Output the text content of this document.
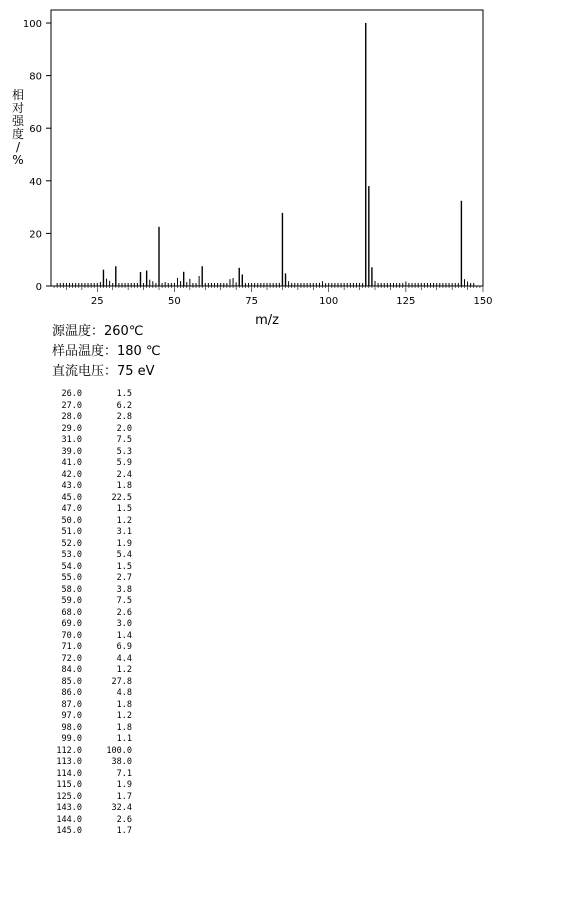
0
20
40
60
80
100
25	50	75	100	125	150
m/z
相对强度/ %
源温度：260℃
样品温度：180 ℃
直流电压：75 eV
26.0	1.5
27.0	6.2
28.0	2.8
29.0	2.0
31.0	7.5
39.0	5.3
41.0	5.9
42.0	2.4
43.0	1.8
45.0	22.5
47.0	1.5
50.0	1.2
51.0	3.1
52.0	1.9
53.0	5.4
54.0	1.5
55.0	2.7
58.0	3.8
59.0	7.5
68.0	2.6
69.0	3.0
70.0	1.4
71.0	6.9
72.0	4.4
84.0	1.2
85.0	27.8
86.0	4.8
87.0	1.8
97.0	1.2
98.0	1.8
99.0	1.1
112.0	100.0
113.0	38.0
114.0	7.1
115.0	1.9
125.0	1.7
143.0	32.4
144.0	2.6
145.0	1.7
